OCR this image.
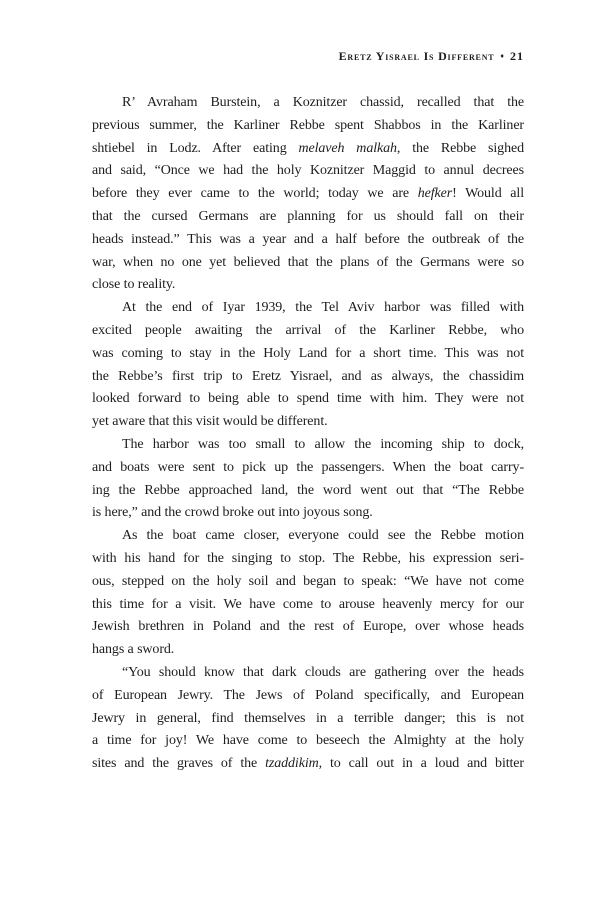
Eretz Yisrael Is Different ♦ 21
R’ Avraham Burstein, a Koznitzer chassid, recalled that the
previous summer, the Karliner Rebbe spent Shabbos in the Karliner
shtiebel in Lodz. After eating melaveh malkah, the Rebbe sighed
and said, “Once we had the holy Koznitzer Maggid to annul decrees
before they ever came to the world; today we are hefker! Would all
that the cursed Germans are planning for us should fall on their
heads instead.” This was a year and a half before the outbreak of the
war, when no one yet believed that the plans of the Germans were so
close to reality.
At the end of Iyar 1939, the Tel Aviv harbor was filled with
excited people awaiting the arrival of the Karliner Rebbe, who
was coming to stay in the Holy Land for a short time. This was not
the Rebbe’s first trip to Eretz Yisrael, and as always, the chassidim
looked forward to being able to spend time with him. They were not
yet aware that this visit would be different.
The harbor was too small to allow the incoming ship to dock,
and boats were sent to pick up the passengers. When the boat carry-
ing the Rebbe approached land, the word went out that “The Rebbe
is here,” and the crowd broke out into joyous song.
As the boat came closer, everyone could see the Rebbe motion
with his hand for the singing to stop. The Rebbe, his expression seri-
ous, stepped on the holy soil and began to speak: “We have not come
this time for a visit. We have come to arouse heavenly mercy for our
Jewish brethren in Poland and the rest of Europe, over whose heads
hangs a sword.
“You should know that dark clouds are gathering over the heads
of European Jewry. The Jews of Poland specifically, and European
Jewry in general, find themselves in a terrible danger; this is not
a time for joy! We have come to beseech the Almighty at the holy
sites and the graves of the tzaddikim, to call out in a loud and bitter
